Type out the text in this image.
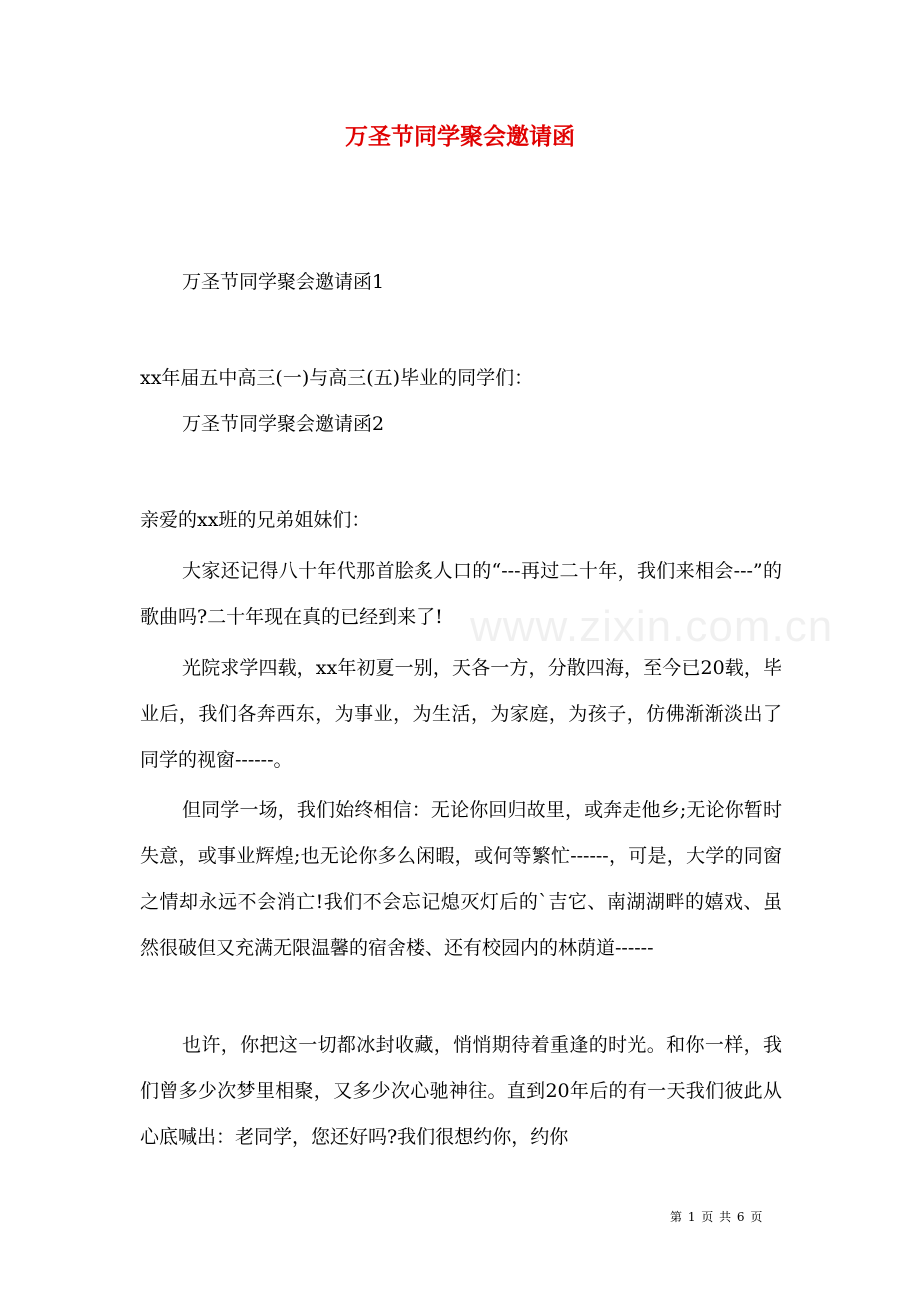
万圣节同学聚会邀请函
www.zixin.com.cn
万圣节同学聚会邀请函1
xx年届五中高三(一)与高三(五)毕业的同学们：
万圣节同学聚会邀请函2
亲爱的xx班的兄弟姐妹们：
大家还记得八十年代那首脍炙人口的“---再过二十年，我们来相会---”的歌曲吗?二十年现在真的已经到来了!
光院求学四载，xx年初夏一别，天各一方，分散四海，至今已20载，毕业后，我们各奔西东，为事业，为生活，为家庭，为孩子，仿佛渐渐淡出了同学的视窗------。
但同学一场，我们始终相信：无论你回归故里，或奔走他乡;无论你暂时失意，或事业辉煌;也无论你多么闲暇，或何等繁忙------，可是，大学的同窗之情却永远不会消亡!我们不会忘记熄灭灯后的`吉它、南湖湖畔的嬉戏、虽然很破但又充满无限温馨的宿舍楼、还有校园内的林荫道------
也许，你把这一切都冰封收藏，悄悄期待着重逢的时光。和你一样，我们曾多少次梦里相聚，又多少次心驰神往。直到20年后的有一天我们彼此从心底喊出：老同学，您还好吗?我们很想约你，约你
第 1 页 共 6 页
